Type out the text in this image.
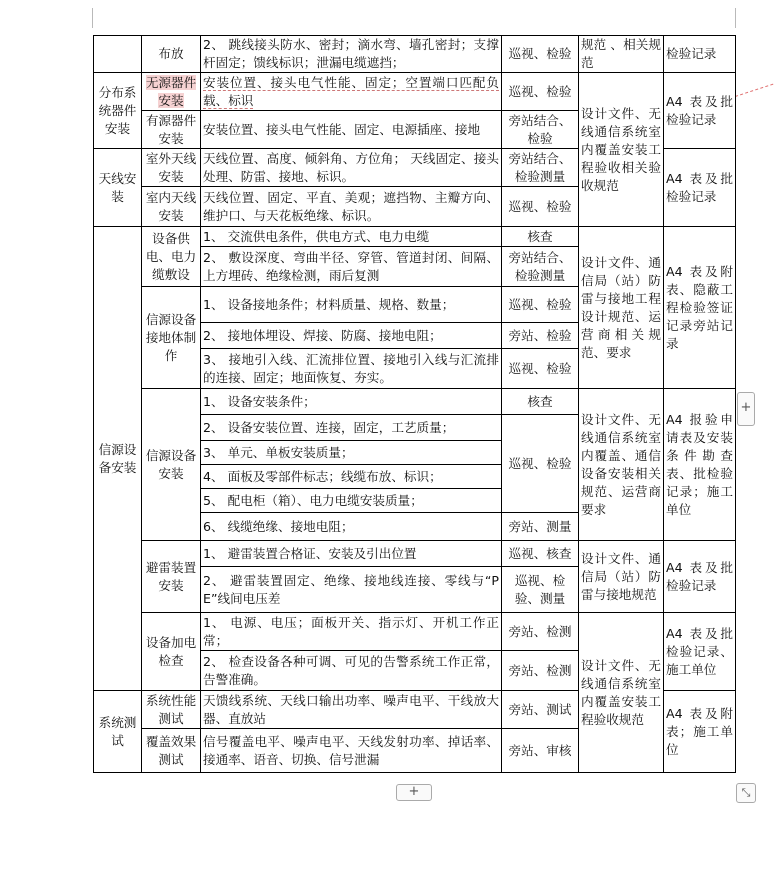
	布放	2、 跳线接头防水、密封；滴水弯、墙孔密封；支撑杆固定；馈线标识；泄漏电缆遮挡；	巡视、检验	规范 、相关规范	检验记录
分布系统器件安装	无源器件安装	安装位置、接头电气性能、固定；空置端口匹配负载、标识	巡视、检验	设计文件、无线通信系统室内覆盖安装工程验收相关验收规范	A4 表及批检验记录
	有源器件安装	安装位置、接头电气性能、固定、电源插座、接地	旁站结合、检验		
天线安装	室外天线安装	天线位置、高度、倾斜角、方位角； 天线固定、接头处理、防雷、接地、标识。	旁站结合、检验测量		A4 表及批检验记录
	室内天线安装	天线位置、固定、平直、美观；遮挡物、主瓣方向、维护口、与天花板绝缘、标识。	巡视、检验		
信源设备安装	设备供电、电力缆敷设	1、 交流供电条件，供电方式、电力电缆	核查	设计文件、通信局（站）防雷与接地工程设计规范、运营商相关规范、要求	A4 表及附表、隐蔽工程检验签证记录旁站记录
		2、 敷设深度、弯曲半径、穿管、管道封闭、间隔、上方埋砖、绝缘检测，雨后复测	旁站结合、检验测量		
	信源设备接地体制作	1、 设备接地条件；材料质量、规格、数量；	巡视、检验		
		2、 接地体埋设、焊接、防腐、接地电阻；	旁站、检验		
		3、 接地引入线、汇流排位置、接地引入线与汇流排的连接、固定；地面恢复、夯实。	巡视、检验		
	信源设备安装	1、 设备安装条件；	核查	设计文件、无线通信系统室内覆盖、通信设备安装相关规范、运营商要求	A4 报验申请表及安装条件勘查表、批检验记录；施工单位
		2、 设备安装位置、连接，固定，工艺质量；	巡视、检验		
		3、 单元、单板安装质量；			
		4、 面板及零部件标志；线缆布放、标识；			
		5、 配电柜（箱）、电力电缆安装质量；			
		6、 线缆绝缘、接地电阻；	旁站、测量		
	避雷装置安装	1、 避雷装置合格证、安装及引出位置	巡视、核查	设计文件、通信局（站）防雷与接地规范	A4 表及批检验记录
		2、 避雷装置固定、绝缘、接地线连接、零线与“PE”线间电压差	巡视、检验、测量		
	设备加电检查	1、 电源、电压；面板开关、指示灯、开机工作正常；	旁站、检测	设计文件、无线通信系统室内覆盖安装工程验收规范	A4 表及批检验记录、施工单位
		2、 检查设备各种可调、可见的告警系统工作正常，告警准确。	旁站、检测		
系统测试	系统性能测试	天馈线系统、天线口输出功率、噪声电平、干线放大器、直放站	旁站、测试		A4 表及附表；施工单位
	覆盖效果测试	信号覆盖电平、噪声电平、天线发射功率、掉话率、接通率、语音、切换、信号泄漏	旁站、审核		
+
+
⤡
